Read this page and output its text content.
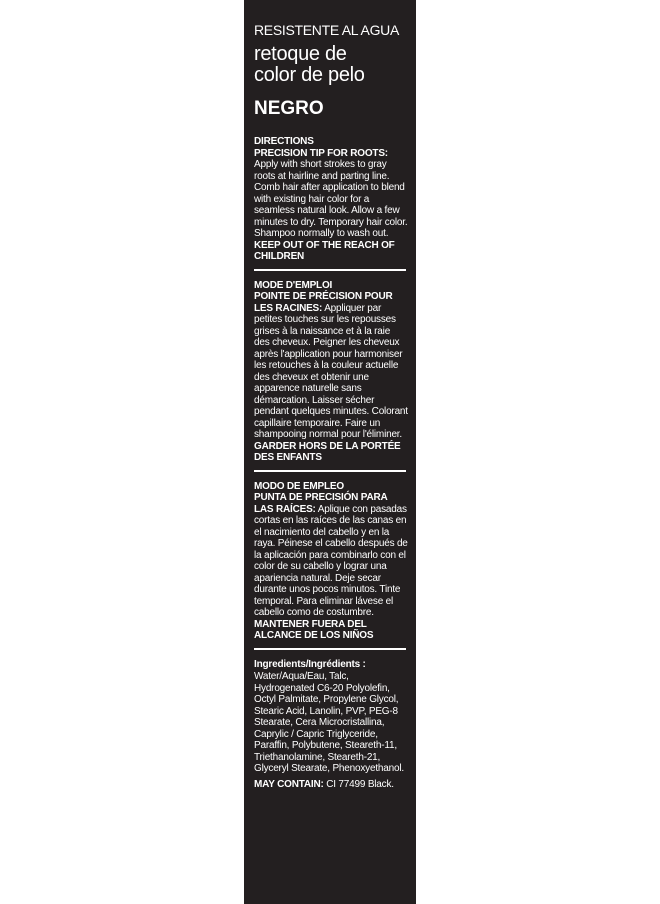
RESISTENTE AL AGUA
retoque de
color de pelo
NEGRO
DIRECTIONS
PRECISION TIP FOR ROOTS: Apply with short strokes to gray roots at hairline and parting line. Comb hair after application to blend with existing hair color for a seamless natural look. Allow a few minutes to dry. Temporary hair color. Shampoo normally to wash out.
KEEP OUT OF THE REACH OF CHILDREN
MODE D'EMPLOI
POINTE DE PRÉCISION POUR LES RACINES: Appliquer par petites touches sur les repousses grises à la naissance et à la raie des cheveux. Peigner les cheveux après l'application pour harmoniser les retouches à la couleur actuelle des cheveux et obtenir une apparence naturelle sans démarcation. Laisser sécher pendant quelques minutes. Colorant capillaire temporaire. Faire un shampooing normal pour l'éliminer.
GARDER HORS DE LA PORTÉE DES ENFANTS
MODO DE EMPLEO
PUNTA DE PRECISIÓN PARA LAS RAÍCES: Aplique con pasadas cortas en las raíces de las canas en el nacimiento del cabello y en la raya. Péinese el cabello después de la aplicación para combinarlo con el color de su cabello y lograr una apariencia natural. Deje secar durante unos pocos minutos. Tinte temporal. Para eliminar lávese el cabello como de costumbre.
MANTENER FUERA DEL ALCANCE DE LOS NIÑOS
Ingredients/Ingrédients :
Water/Aqua/Eau, Talc, Hydrogenated C6-20 Polyolefin, Octyl Palmitate, Propylene Glycol, Stearic Acid, Lanolin, PVP, PEG-8 Stearate, Cera Microcristallina, Caprylic / Capric Triglyceride, Paraffin, Polybutene, Steareth-11, Triethanolamine, Steareth-21, Glyceryl Stearate, Phenoxyethanol.
MAY CONTAIN: CI 77499 Black.
